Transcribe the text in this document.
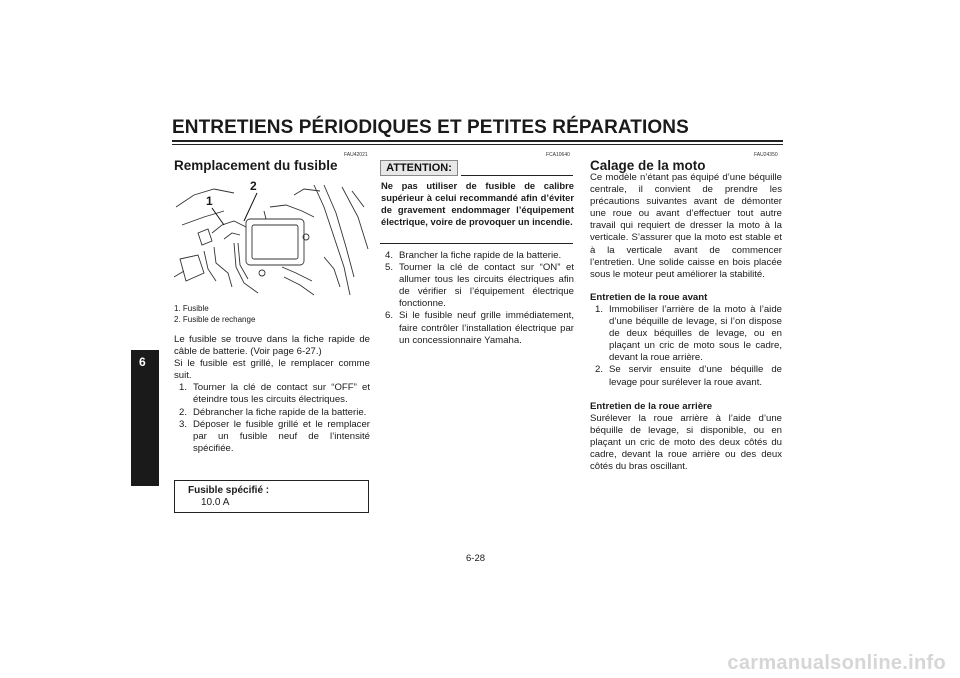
ENTRETIENS PÉRIODIQUES ET PETITES RÉPARATIONS
6
FAU42021
Remplacement du fusible
1
2
1. Fusible
2. Fusible de rechange
Le fusible se trouve dans la fiche rapide de câble de batterie. (Voir page 6-27.)
Si le fusible est grillé, le remplacer comme suit.
1. Tourner la clé de contact sur “OFF” et éteindre tous les circuits électriques.
2. Débrancher la fiche rapide de la batterie.
3. Déposer le fusible grillé et le remplacer par un fusible neuf de l’intensité spécifiée.
Fusible spécifié :
10.0 A
FCA10640
ATTENTION:
Ne pas utiliser de fusible de calibre supérieur à celui recommandé afin d’éviter de gravement endommager l’équipement électrique, voire de provoquer un incendie.
4. Brancher la fiche rapide de la batterie.
5. Tourner la clé de contact sur “ON” et allumer tous les circuits électriques afin de vérifier si l’équipement électrique fonctionne.
6. Si le fusible neuf grille immédiatement, faire contrôler l’installation électrique par un concessionnaire Yamaha.
FAU24350
Calage de la moto
Ce modèle n’étant pas équipé d’une béquille centrale, il convient de prendre les précautions suivantes avant de démonter une roue ou avant d’effectuer tout autre travail qui requiert de dresser la moto à la verticale. S’assurer que la moto est stable et à la verticale avant de commencer l’entretien. Une solide caisse en bois placée sous le moteur peut améliorer la stabilité.
Entretien de la roue avant
1. Immobiliser l’arrière de la moto à l’aide d’une béquille de levage, si l’on dispose de deux béquilles de levage, ou en plaçant un cric de moto sous le cadre, devant la roue arrière.
2. Se servir ensuite d’une béquille de levage pour surélever la roue avant.
Entretien de la roue arrière
Surélever la roue arrière à l’aide d’une béquille de levage, si disponible, ou en plaçant un cric de moto des deux côtés du cadre, devant la roue arrière ou des deux côtés du bras oscillant.
6-28
carmanualsonline.info
